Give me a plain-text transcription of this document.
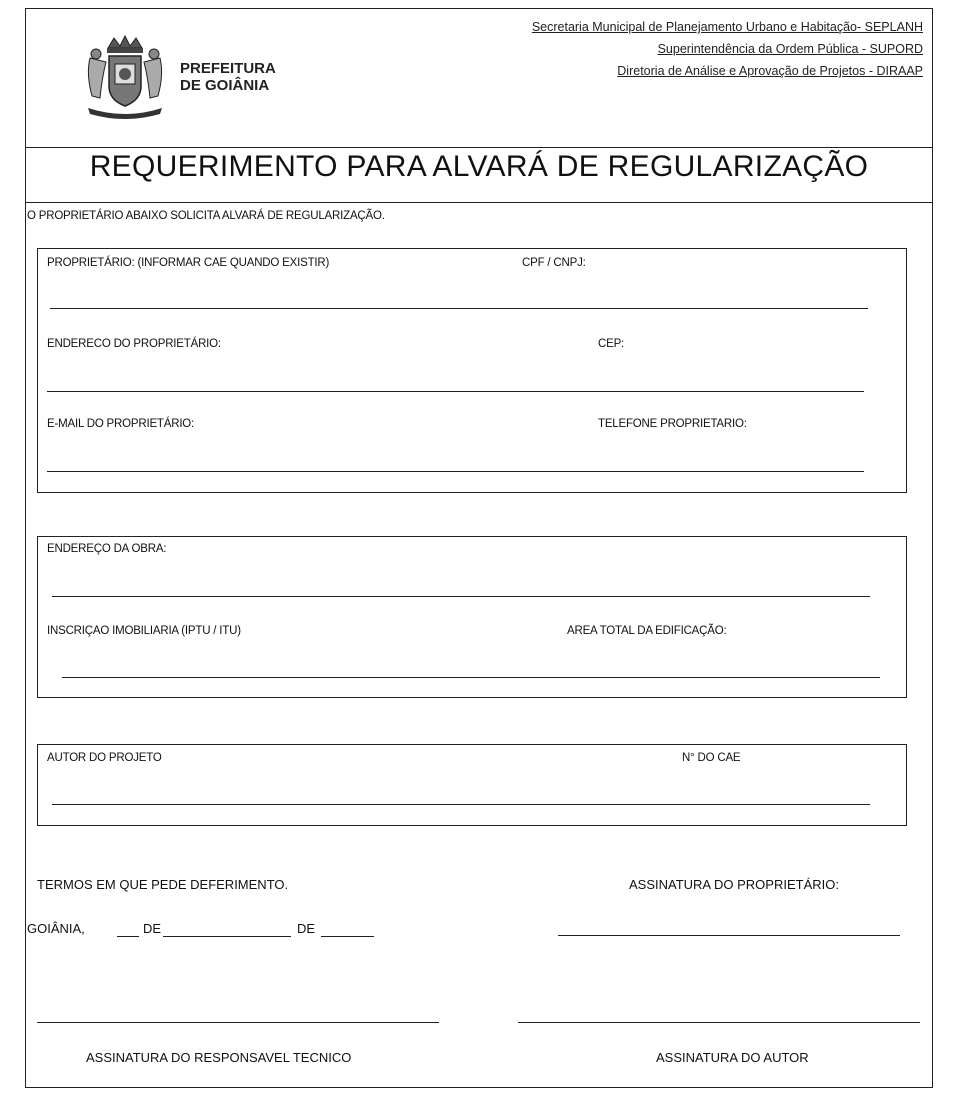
PREFEITURA
DE GOIÂNIA
Secretaria Municipal de Planejamento Urbano e Habitação- SEPLANH
Superintendência da Ordem Pública - SUPORD
Diretoria de Análise e Aprovação de Projetos - DIRAAP
REQUERIMENTO PARA ALVARÁ DE REGULARIZAÇÃO
O PROPRIETÁRIO ABAIXO SOLICITA ALVARÁ DE REGULARIZAÇÃO.
PROPRIETÁRIO: (INFORMAR CAE QUANDO EXISTIR)	CPF / CNPJ:
ENDERECO DO PROPRIETÁRIO:	CEP:
E-MAIL DO PROPRIETÁRIO:	TELEFONE PROPRIETARIO:
ENDEREÇO DA OBRA:
INSCRIÇAO IMOBILIARIA (IPTU / ITU)	AREA TOTAL DA EDIFICAÇÃO:
AUTOR DO PROJETO	N° DO CAE
TERMOS EM QUE PEDE DEFERIMENTO.	ASSINATURA DO PROPRIETÁRIO:
GOIÂNIA,	DE	DE
ASSINATURA DO RESPONSAVEL TECNICO	ASSINATURA DO AUTOR
